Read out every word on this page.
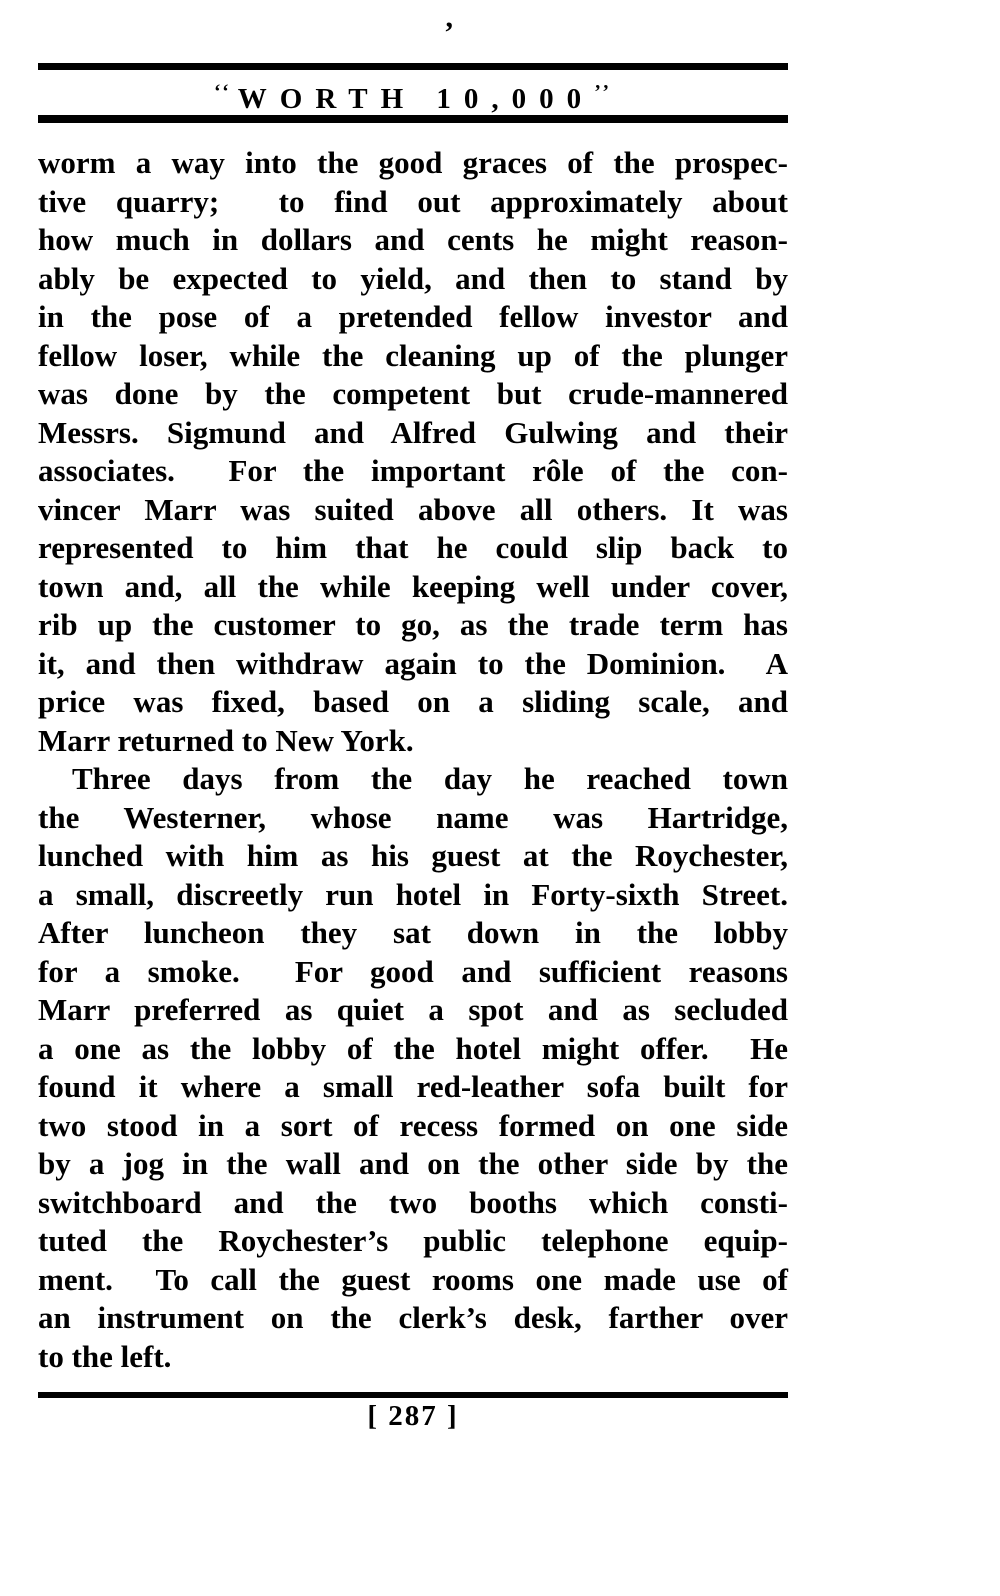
’
‘‘ WORTH 10,000’’
worm a way into the good graces of the prospec-
tive quarry;  to find out approximately about
how much in dollars and cents he might reason-
ably be expected to yield, and then to stand by
in the pose of a pretended fellow investor and
fellow loser, while the cleaning up of the plunger
was done by the competent but crude-mannered
Messrs. Sigmund and Alfred Gulwing and their
associates.  For the important rôle of the con-
vincer Marr was suited above all others. It was
represented to him that he could slip back to
town and, all the while keeping well under cover,
rib up the customer to go, as the trade term has
it, and then withdraw again to the Dominion.  A
price was fixed, based on a sliding scale, and
Marr returned to New York.
Three days from the day he reached town
the Westerner, whose name was Hartridge,
lunched with him as his guest at the Roychester,
a small, discreetly run hotel in Forty-sixth Street.
After luncheon they sat down in the lobby
for a smoke.  For good and sufficient reasons
Marr preferred as quiet a spot and as secluded
a one as the lobby of the hotel might offer.  He
found it where a small red-leather sofa built for
two stood in a sort of recess formed on one side
by a jog in the wall and on the other side by the
switchboard and the two booths which consti-
tuted the Roychester’s public telephone equip-
ment.  To call the guest rooms one made use of
an instrument on the clerk’s desk, farther over
to the left.
[ 287 ]
